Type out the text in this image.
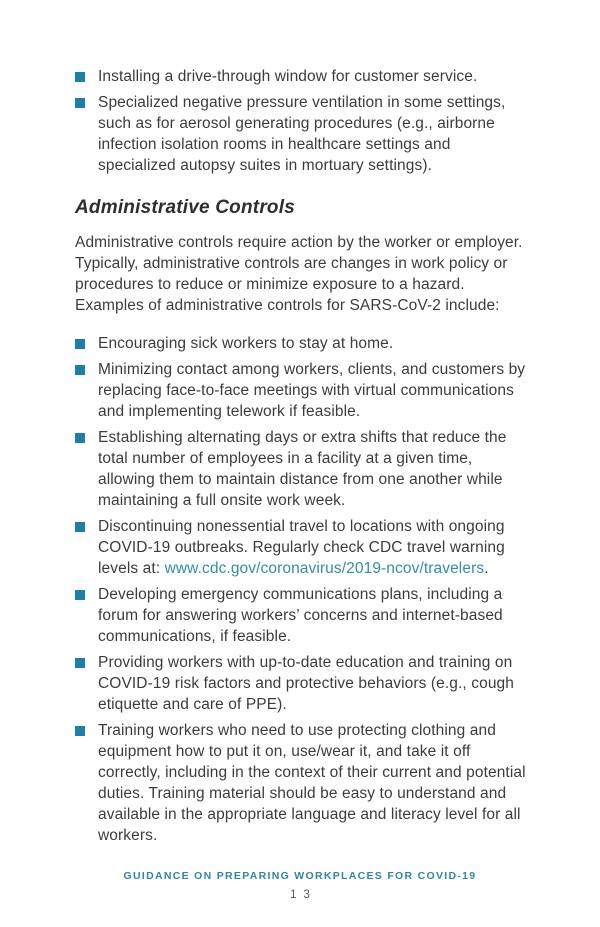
Installing a drive-through window for customer service.
Specialized negative pressure ventilation in some settings, such as for aerosol generating procedures (e.g., airborne infection isolation rooms in healthcare settings and specialized autopsy suites in mortuary settings).
Administrative Controls

Administrative controls require action by the worker or employer. Typically, administrative controls are changes in work policy or procedures to reduce or minimize exposure to a hazard. Examples of administrative controls for SARS-CoV-2 include:

Encouraging sick workers to stay at home.
Minimizing contact among workers, clients, and customers by replacing face-to-face meetings with virtual communications and implementing telework if feasible.
Establishing alternating days or extra shifts that reduce the total number of employees in a facility at a given time, allowing them to maintain distance from one another while maintaining a full onsite work week.
Discontinuing nonessential travel to locations with ongoing COVID-19 outbreaks. Regularly check CDC travel warning levels at: www.cdc.gov/coronavirus/2019-ncov/travelers.
Developing emergency communications plans, including a forum for answering workers’ concerns and internet-based communications, if feasible.
Providing workers with up-to-date education and training on COVID-19 risk factors and protective behaviors (e.g., cough etiquette and care of PPE).
Training workers who need to use protecting clothing and equipment how to put it on, use/wear it, and take it off correctly, including in the context of their current and potential duties. Training material should be easy to understand and available in the appropriate language and literacy level for all workers.
GUIDANCE ON PREPARING WORKPLACES FOR COVID-19
13
